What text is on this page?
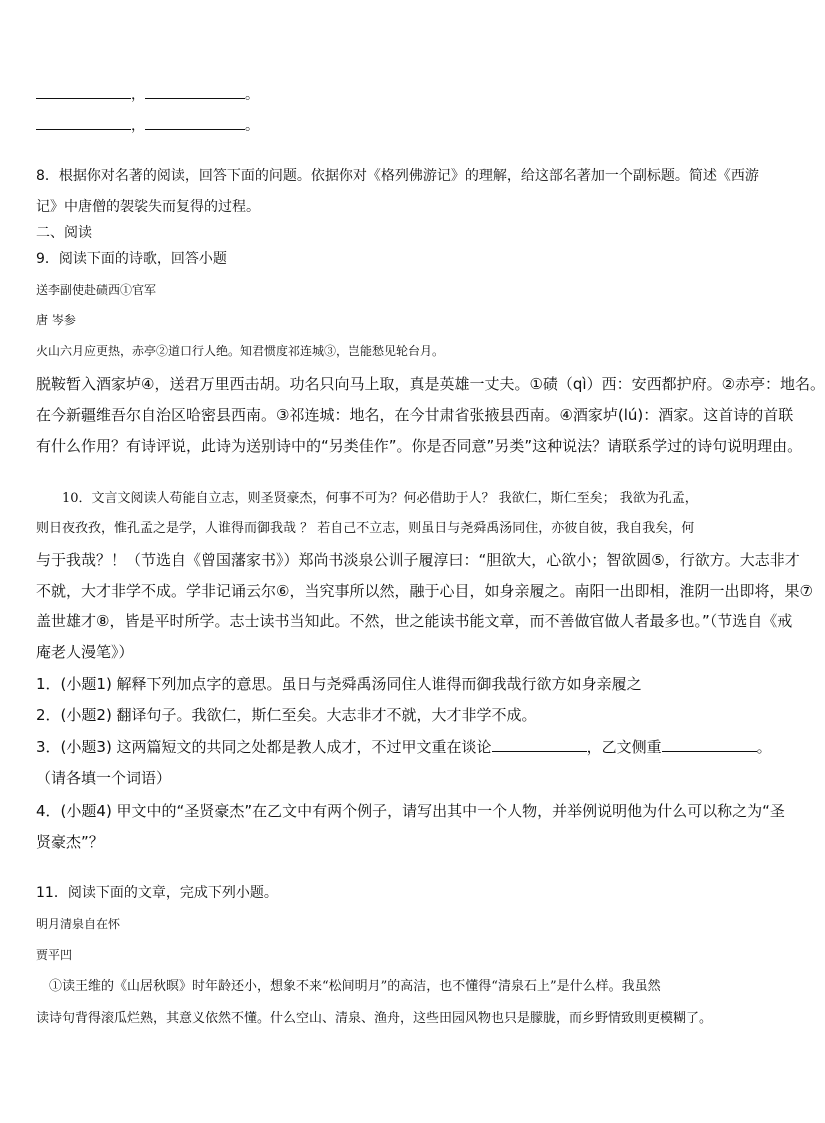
，	。
，	。
8．根据你对名著的阅读，回答下面的问题。依据你对《格列佛游记》的理解，给这部名著加一个副标题。简述《西游
记》中唐僧的袈裟失而复得的过程。
二、阅读
9．阅读下面的诗歌，回答小题
送李副使赴碛西①官军
唐 岑参
火山六月应更热，赤亭②道口行人绝。知君惯度祁连城③，岂能愁见轮台月。
脱鞍暂入酒家垆④，送君万里西击胡。功名只向马上取，真是英雄一丈夫。①碛（qì）西：安西都护府。②赤亭：地名。
在今新疆维吾尔自治区哈密县西南。③祁连城：地名，在今甘肃省张掖县西南。④酒家垆(lú)：酒家。这首诗的首联
有什么作用？有诗评说，此诗为送别诗中的“另类佳作”。你是否同意”另类”这种说法？请联系学过的诗句说明理由。
　　10．文言文阅读人苟能自立志，则圣贤豪杰，何事不可为？何必借助于人？ 我欲仁，斯仁至矣； 我欲为孔孟，
则日夜孜孜，惟孔孟之是学，人谁得而御我哉 ？ 若自己不立志，则虽日与尧舜禹汤同住，亦彼自彼，我自我矣，何
与于我哉？！（节选自《曾国藩家书》）郑尚书淡泉公训子履淳曰：“胆欲大，心欲小；智欲圆⑤，行欲方。大志非才
不就，大才非学不成。学非记诵云尔⑥，当究事所以然，融于心目，如身亲履之。南阳一出即相，淮阴一出即将，果⑦
盖世雄才⑧，皆是平时所学。志士读书当知此。不然，世之能读书能文章，而不善做官做人者最多也。”（节选自《戒
庵老人漫笔》）
1．(小题1) 解释下列加点字的意思。虽日与尧舜禹汤同住人谁得而御我哉行欲方如身亲履之
2．(小题2) 翻译句子。我欲仁，斯仁至矣。大志非才不就，大才非学不成。
3．(小题3) 这两篇短文的共同之处都是教人成才，不过甲文重在谈论	，乙文侧重	。
（请各填一个词语）
4．(小题4) 甲文中的“圣贤豪杰”在乙文中有两个例子，请写出其中一个人物，并举例说明他为什么可以称之为“圣
贤豪杰”？
11．阅读下面的文章，完成下列小题。
明月清泉自在怀
贾平凹
　①读王维的《山居秋暝》时年龄还小，想象不来“松间明月”的高洁，也不懂得“清泉石上”是什么样。我虽然
读诗句背得滚瓜烂熟，其意义依然不懂。什么空山、清泉、渔舟，这些田园风物也只是朦胧，而乡野情致則更模糊了。
